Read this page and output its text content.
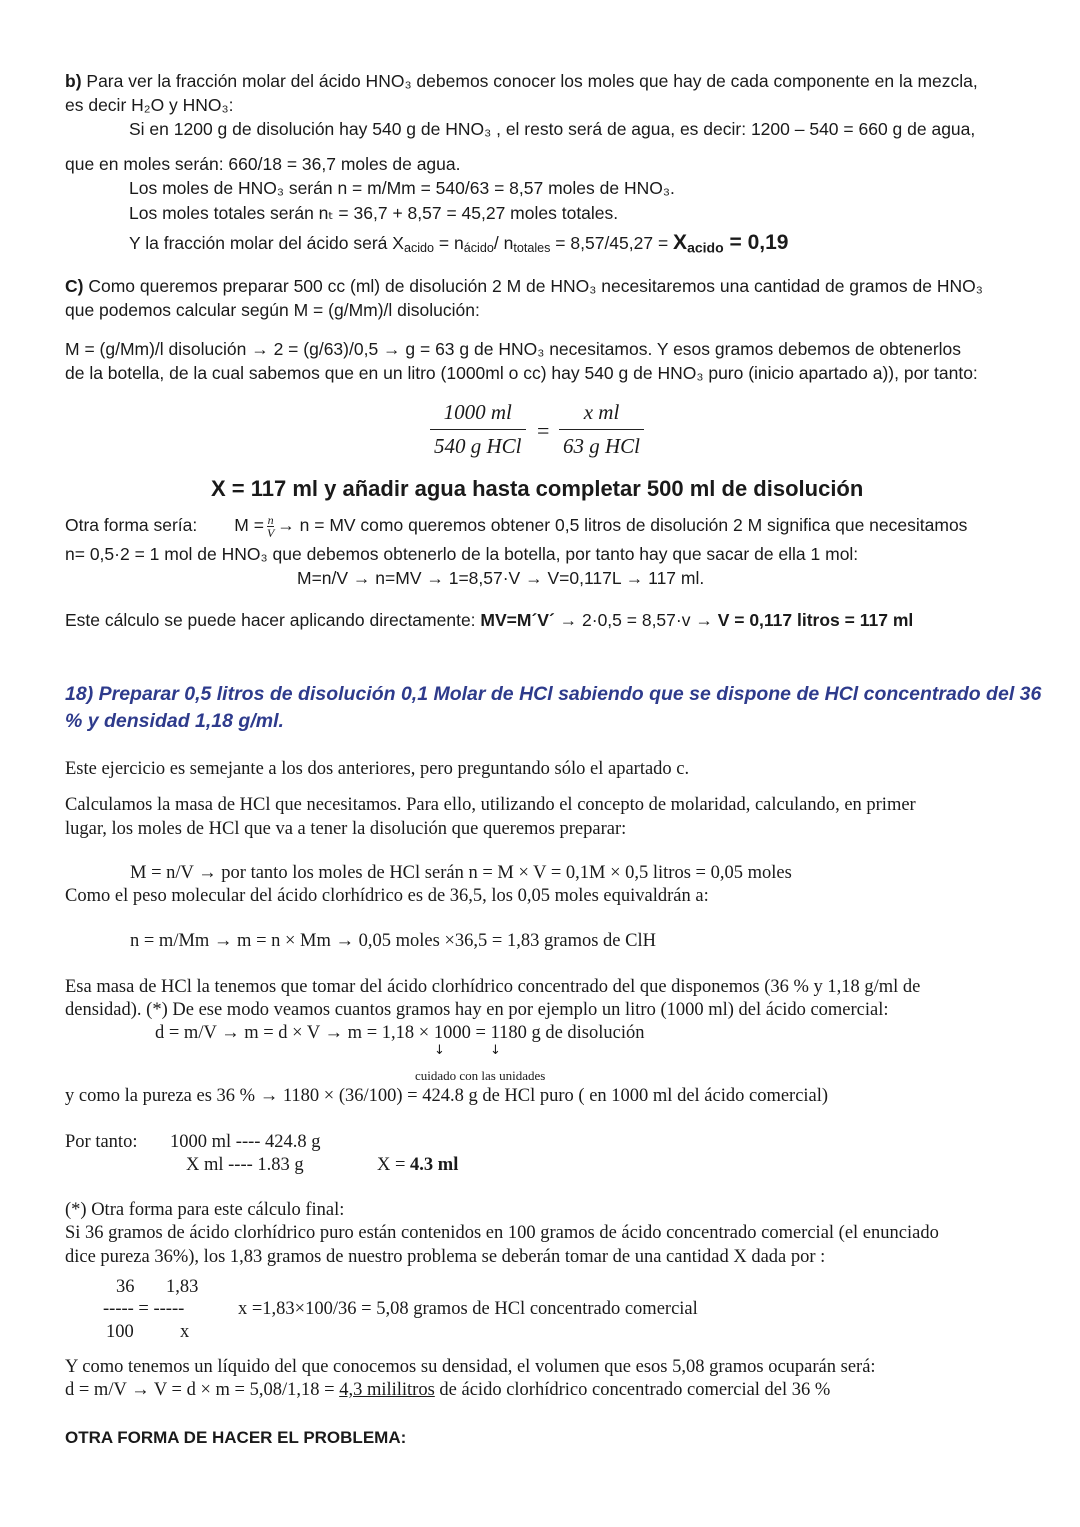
b) Para ver la fracción molar del ácido HNO₃ debemos conocer los moles que hay de cada componente en la mezcla,
es decir H₂O y HNO₃:
Si en 1200 g de disolución hay 540 g de HNO₃ , el resto será de agua, es decir: 1200 – 540 = 660 g de agua,
que en moles serán: 660/18 = 36,7 moles de agua.
Los moles de HNO₃ serán n = m/Mm = 540/63 = 8,57 moles de HNO₃.
Los moles totales serán nₜ = 36,7 + 8,57 = 45,27 moles totales.
Y la fracción molar del ácido será $X_{acido} = n_{ácido}/$ $n_{totales} = 8,57/45,27 = X_{acido} = 0,19$
C) Como queremos preparar 500 cc (ml) de disolución 2 M de HNO₃ necesitaremos una cantidad de gramos de HNO₃
que podemos calcular según M = (g/Mm)/l disolución:
M = (g/Mm)/l disolución → 2 = (g/63)/0,5 → g = 63 g de HNO₃ necesitamos. Y esos gramos debemos de obtenerlos
de la botella, de la cual sabemos que en un litro (1000ml o cc) hay 540 g de HNO₃ puro (inicio apartado a)), por tanto:
1000 ml
540 g HCl
=
x ml
63 g HCl
X = 117 ml y añadir agua hasta completar 500 ml de disolución
Otra forma sería: $M = \frac{n}{V} \to n$ = MV como queremos obtener 0,5 litros de disolución 2 M significa que necesitamos
n= 0,5·2 = 1 mol de HNO₃ que debemos obtenerlo de la botella, por tanto hay que sacar de ella 1 mol:
M=n/V → n=MV → 1=8,57·V → V=0,117L → 117 ml.
Este cálculo se puede hacer aplicando directamente: MV=M´V´ → 2·0,5 = 8,57·v → V = 0,117 litros = 117 ml
18) Preparar 0,5 litros de disolución 0,1 Molar de HCl sabiendo que se dispone de HCl concentrado del 36
% y densidad 1,18 g/ml.
Este ejercicio es semejante a los dos anteriores, pero preguntando sólo el apartado c.
Calculamos la masa de HCl que necesitamos. Para ello, utilizando el concepto de molaridad, calculando, en primer
lugar, los moles de HCl que va a tener la disolución que queremos preparar:
M = n/V → por tanto los moles de HCl serán n = M × V = 0,1M × 0,5 litros = 0,05 moles
Como el peso molecular del ácido clorhídrico es de 36,5, los 0,05 moles equivaldrán a:
n = m/Mm → m = n × Mm → 0,05 moles ×36,5 = 1,83 gramos de ClH
Esa masa de HCl la tenemos que tomar del ácido clorhídrico concentrado del que disponemos (36 % y 1,18 g/ml de
densidad). (*) De ese modo veamos cuantos gramos hay en por ejemplo un litro (1000 ml) del ácido comercial:
d = m/V → m = d × V → m = 1,18 × 1000 = 1180 g de disolución
↓	↓
cuidado con las unidades
y como la pureza es 36 % → 1180 × (36/100) = 424.8 g de HCl puro ( en 1000 ml del ácido comercial)
Por tanto: 1000 ml ---- 424.8 g
X ml ---- 1.83 g	X = 4.3 ml
(*) Otra forma para este cálculo final:
Si 36 gramos de ácido clorhídrico puro están contenidos en 100 gramos de ácido concentrado comercial (el enunciado
dice pureza 36%), los 1,83 gramos de nuestro problema se deberán tomar de una cantidad X dada por :
36 1,83
----- = -----	x =1,83×100/36 = 5,08 gramos de HCl concentrado comercial
100	x
Y como tenemos un líquido del que conocemos su densidad, el volumen que esos 5,08 gramos ocuparán será:
d = m/V → V = d × m = 5,08/1,18 = 4,3 mililitros de ácido clorhídrico concentrado comercial del 36 %
OTRA FORMA DE HACER EL PROBLEMA:
